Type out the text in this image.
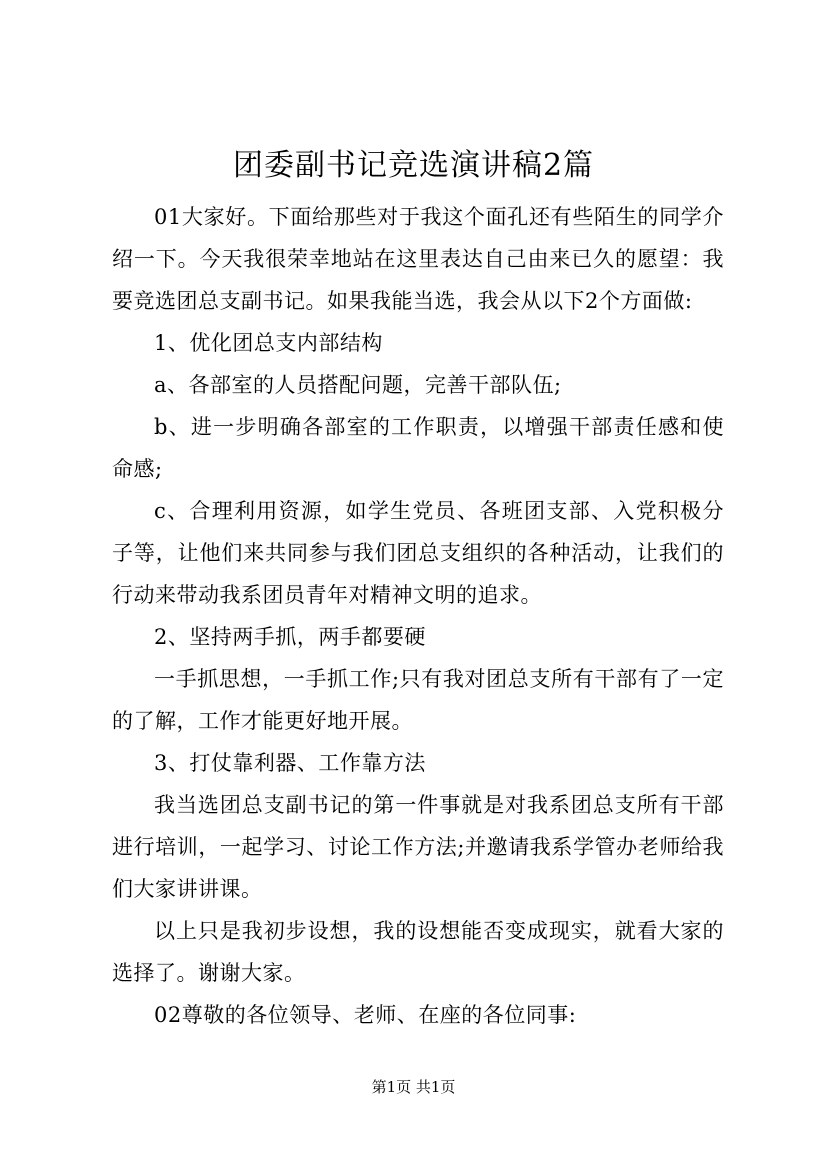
团委副书记竞选演讲稿2篇

01大家好。下面给那些对于我这个面孔还有些陌生的同学介绍一下。今天我很荣幸地站在这里表达自己由来已久的愿望：我要竞选团总支副书记。如果我能当选，我会从以下2个方面做:

1、优化团总支内部结构

a、各部室的人员搭配问题，完善干部队伍;

b、进一步明确各部室的工作职责，以增强干部责任感和使命感;

c、合理利用资源，如学生党员、各班团支部、入党积极分子等，让他们来共同参与我们团总支组织的各种活动，让我们的行动来带动我系团员青年对精神文明的追求。

2、坚持两手抓，两手都要硬

一手抓思想，一手抓工作;只有我对团总支所有干部有了一定的了解，工作才能更好地开展。

3、打仗靠利器、工作靠方法

我当选团总支副书记的第一件事就是对我系团总支所有干部进行培训，一起学习、讨论工作方法;并邀请我系学管办老师给我们大家讲讲课。

以上只是我初步设想，我的设想能否变成现实，就看大家的选择了。谢谢大家。

02尊敬的各位领导、老师、在座的各位同事:

第1页 共1页
